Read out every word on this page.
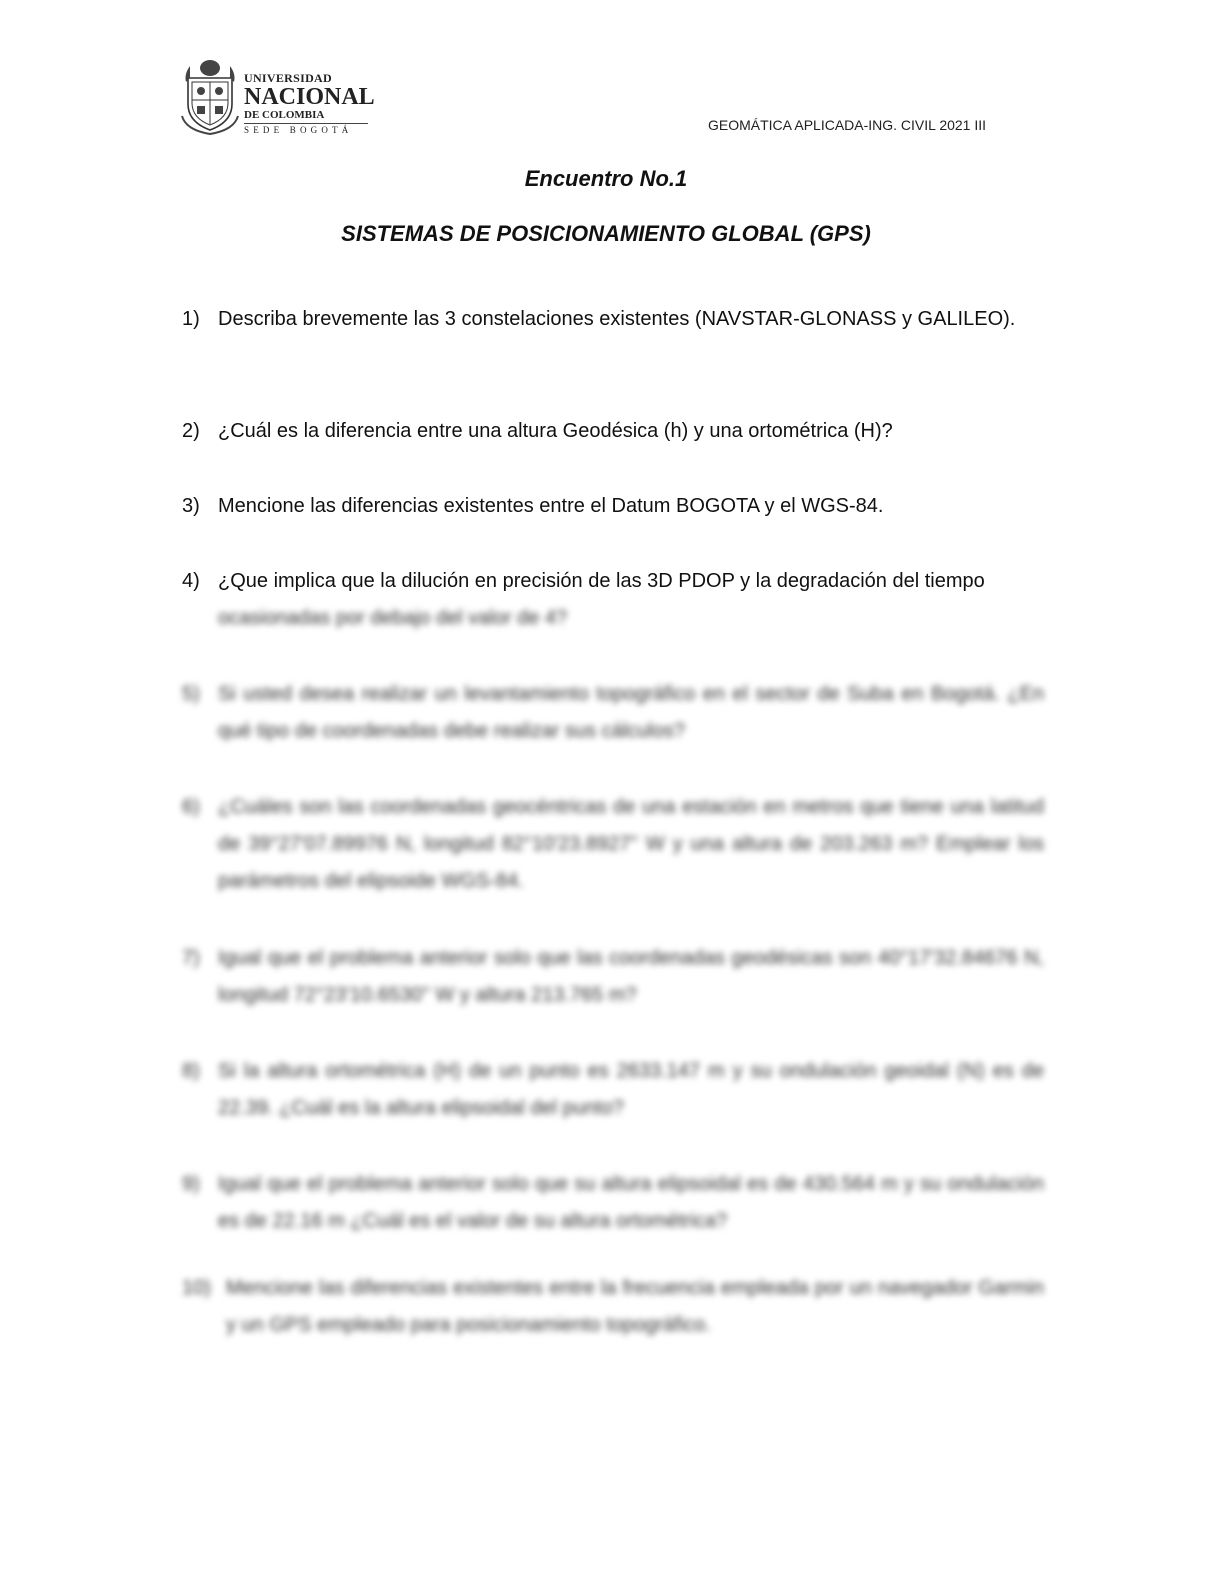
UNIVERSIDAD
NACIONAL
DE COLOMBIA
SEDE BOGOTÁ	GEOMÁTICA APLICADA-ING. CIVIL 2021 III
Encuentro No.1
SISTEMAS DE POSICIONAMIENTO GLOBAL (GPS)
1) Describa brevemente las 3 constelaciones existentes (NAVSTAR-GLONASS y GALILEO).
2) ¿Cuál es la diferencia entre una altura Geodésica (h) y una ortométrica (H)?
3) Mencione las diferencias existentes entre el Datum BOGOTA y el WGS-84.
4) ¿Que implica que la dilución en precisión de las 3D PDOP y la degradación del tiempo
ocasionadas por debajo del valor de 4?
5) Si usted desea realizar un levantamiento topográfico en el sector de Suba en Bogotá. ¿En qué tipo de coordenadas debe realizar sus cálculos?
6) ¿Cuáles son las coordenadas geocéntricas de una estación en metros que tiene una latitud de 39°27'07.89976 N, longitud 82°10'23.8927'' W y una altura de 203.263 m? Emplear los parámetros del elipsoide WGS-84.
7) Igual que el problema anterior solo que las coordenadas geodésicas son 40°17'32.84676 N, longitud 72°23'10.6530'' W y altura 213.765 m?
8) Si la altura ortométrica (H) de un punto es 2633.147 m y su ondulación geoidal (N) es de 22.39. ¿Cuál es la altura elipsoidal del punto?
9) Igual que el problema anterior solo que su altura elipsoidal es de 430.564 m y su ondulación es de 22.16 m ¿Cuál es el valor de su altura ortométrica?
10) Mencione las diferencias existentes entre la frecuencia empleada por un navegador Garmin y un GPS empleado para posicionamiento topográfico.
